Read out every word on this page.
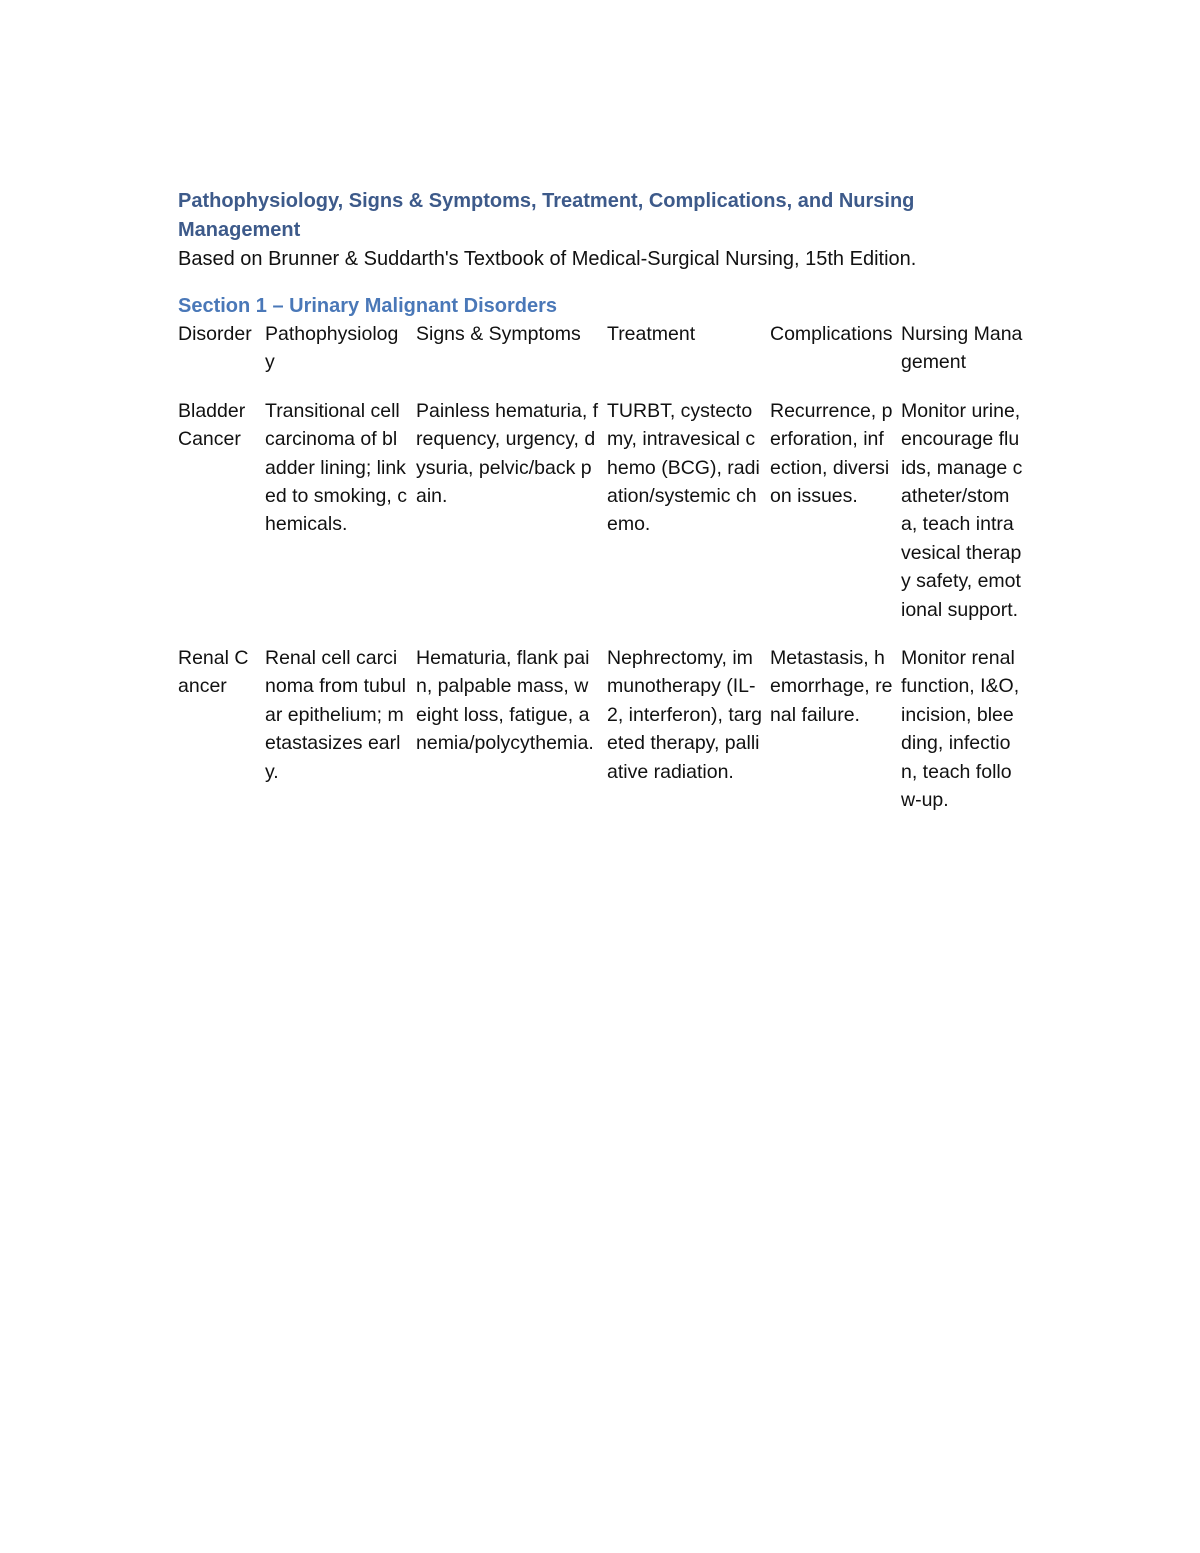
Pathophysiology, Signs & Symptoms, Treatment, Complications, and Nursing Management

Based on Brunner & Suddarth's Textbook of Medical-Surgical Nursing, 15th Edition.

Section 1 – Urinary Malignant Disorders

Disorder	Pathophysiology	Signs & Symptoms	Treatment	Complications	Nursing Management
Bladder Cancer	Transitional cell carcinoma of bladder lining; linked to smoking, chemicals.	Painless hematuria, frequency, urgency, dysuria, pelvic/back pain.	TURBT, cystectomy, intravesical chemo (BCG), radiation/systemic chemo.	Recurrence, perforation, infection, diversion issues.	Monitor urine, encourage fluids, manage catheter/stoma, teach intravesical therapy safety, emotional support.
Renal Cancer	Renal cell carcinoma from tubular epithelium; metastasizes early.	Hematuria, flank pain, palpable mass, weight loss, fatigue, anemia/polycythemia.	Nephrectomy, immunotherapy (IL-2, interferon), targeted therapy, palliative radiation.	Metastasis, hemorrhage, renal failure.	Monitor renal function, I&O, incision, bleeding, infection, teach follow-up.
